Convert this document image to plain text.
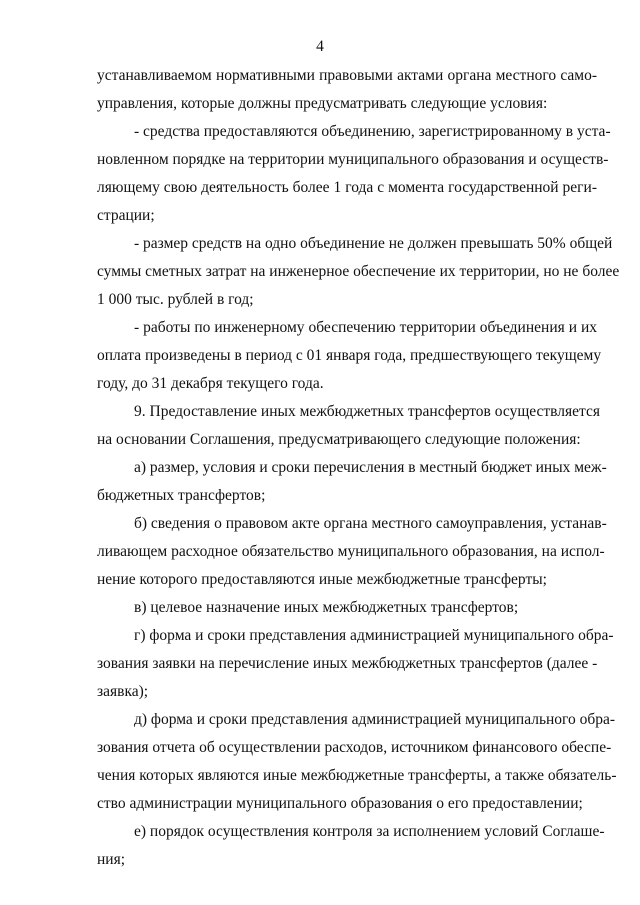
4

устанавливаемом нормативными правовыми актами органа местного само-
управления, которые должны предусматривать следующие условия:

- средства предоставляются объединению, зарегистрированному в уста-
новленном порядке на территории муниципального образования и осуществ-
ляющему свою деятельность более 1 года с момента государственной реги-
страции;

- размер средств на одно объединение не должен превышать 50% общей
суммы сметных затрат на инженерное обеспечение их территории, но не более
1 000 тыс. рублей в год;

- работы по инженерному обеспечению территории объединения и их
оплата произведены в период с 01 января года, предшествующего текущему
году, до 31 декабря текущего года.

9. Предоставление иных межбюджетных трансфертов осуществляется
на основании Соглашения, предусматривающего следующие положения:

а) размер, условия и сроки перечисления в местный бюджет иных меж-
бюджетных трансфертов;

б) сведения о правовом акте органа местного самоуправления, устанав-
ливающем расходное обязательство муниципального образования, на испол-
нение которого предоставляются иные межбюджетные трансферты;

в) целевое назначение иных межбюджетных трансфертов;

г) форма и сроки представления администрацией муниципального обра-
зования заявки на перечисление иных межбюджетных трансфертов (далее -
заявка);

д) форма и сроки представления администрацией муниципального обра-
зования отчета об осуществлении расходов, источником финансового обеспе-
чения которых являются иные межбюджетные трансферты, а также обязатель-
ство администрации муниципального образования о его предоставлении;

е) порядок осуществления контроля за исполнением условий Соглаше-
ния;
